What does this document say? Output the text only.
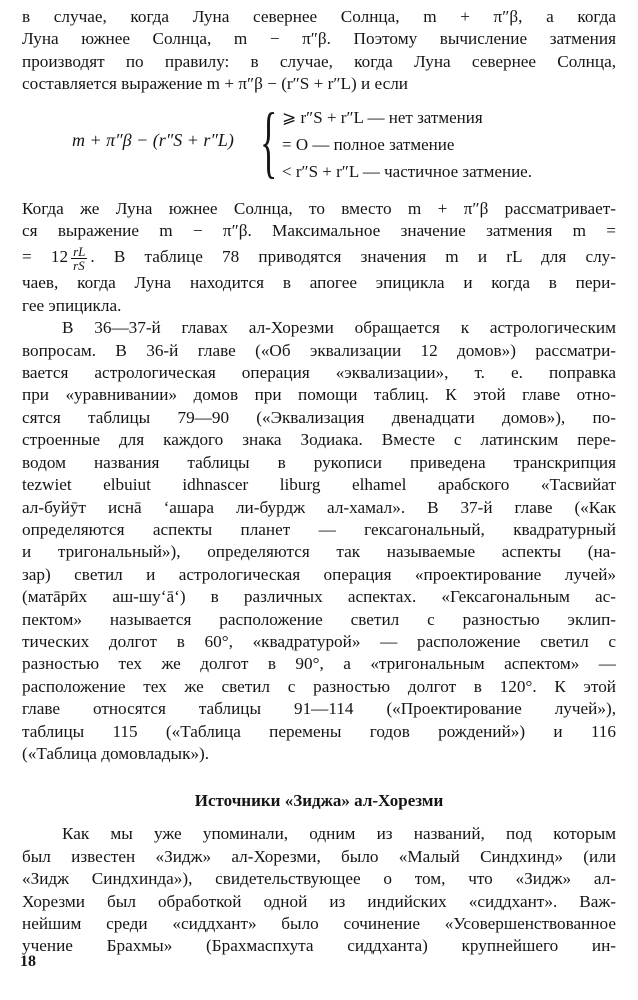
в случае, когда Луна севернее Солнца, m + π″β, а когда
Луна южнее Солнца, m − π″β. Поэтому вычисление затмения
производят по правилу: в случае, когда Луна севернее Солнца,
составляется выражение m + π″β − (r″S + r″L) и если
m + π″β − (r″S + r″L) { ⩾ r″S + r″L — нет затмения
= O — полное затмение
< r″S + r″L — частичное затмение.
Когда же Луна южнее Солнца, то вместо m + π″β рассматривает-
ся выражение m − π″β. Максимальное значение затмения m =
= $12 \frac{rL}{rS}$ . В таблице 78 приводятся значения m и rL для слу-
чаев, когда Луна находится в апогее эпицикла и когда в пери-
гее эпицикла.
В 36—37-й главах ал-Хорезми обращается к астрологическим
вопросам. В 36-й главе («Об эквализации 12 домов») рассматри-
вается астрологическая операция «эквализации», т. е. поправка
при «уравнивании» домов при помощи таблиц. К этой главе отно-
сятся таблицы 79—90 («Эквализация двенадцати домов»), по-
строенные для каждого знака Зодиака. Вместе с латинским пере-
водом названия таблицы в рукописи приведена транскрипция
tezwiet elbuiut idhnascer liburg elhamel арабского «Тасвийат
ал-буйӯт иснā ‘ашара ли-бурдж ал-хамал». В 37-й главе («Как
определяются аспекты планет — гексагональный, квадратурный
и тригональный»), определяются так называемые аспекты (на-
зар) светил и астрологическая операция «проектирование лучей»
(матāрӣх аш-шу‘ā‘) в различных аспектах. «Гексагональным ас-
пектом» называется расположение светил с разностью эклип-
тических долгот в 60°, «квадратурой» — расположение светил с
разностью тех же долгот в 90°, а «тригональным аспектом» —
расположение тех же светил с разностью долгот в 120°. К этой
главе относятся таблицы 91—114 («Проектирование лучей»),
таблицы 115 («Таблица перемены годов рождений») и 116
(«Таблица домовладык»).
Источники «Зиджа» ал-Хорезми
Как мы уже упоминали, одним из названий, под которым
был известен «Зидж» ал-Хорезми, было «Малый Синдхинд» (или
«Зидж Синдхинда»), свидетельствующее о том, что «Зидж» ал-
Хорезми был обработкой одной из индийских «сиддхант». Важ-
нейшим среди «сиддхант» было сочинение «Усовершенствованное
учение Брахмы» (Брахмаспхута сиддханта) крупнейшего ин-
18
